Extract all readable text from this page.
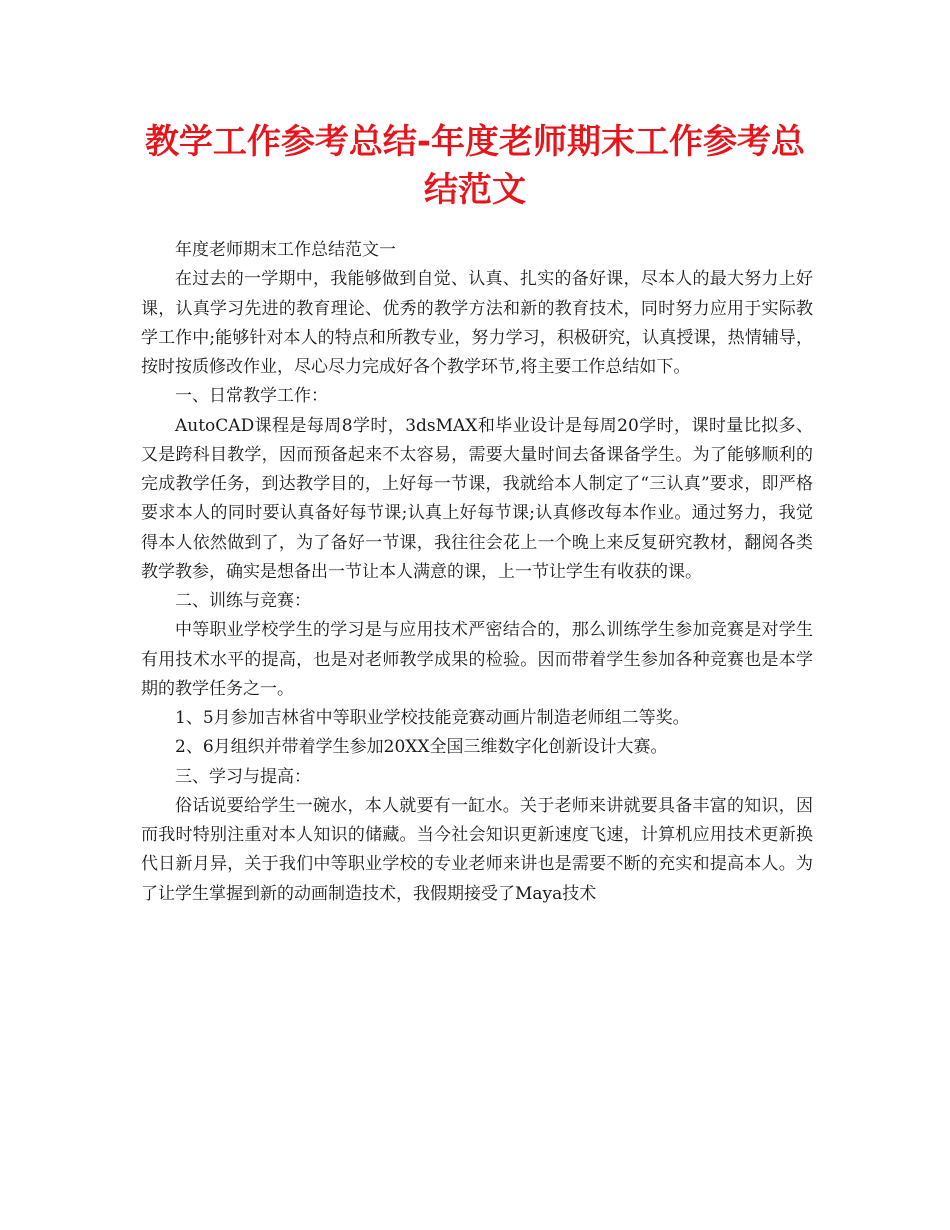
教学工作参考总结-年度老师期末工作参考总结范文

年度老师期末工作总结范文一

在过去的一学期中，我能够做到自觉、认真、扎实的备好课，尽本人的最大努力上好课，认真学习先进的教育理论、优秀的教学方法和新的教育技术，同时努力应用于实际教学工作中;能够针对本人的特点和所教专业，努力学习，积极研究，认真授课，热情辅导，按时按质修改作业，尽心尽力完成好各个教学环节,将主要工作总结如下。

一、日常教学工作：

AutoCAD课程是每周8学时，3dsMAX和毕业设计是每周20学时，课时量比拟多、又是跨科目教学，因而预备起来不太容易，需要大量时间去备课备学生。为了能够顺利的完成教学任务，到达教学目的，上好每一节课，我就给本人制定了“三认真”要求，即严格要求本人的同时要认真备好每节课;认真上好每节课;认真修改每本作业。通过努力，我觉得本人依然做到了，为了备好一节课，我往往会花上一个晚上来反复研究教材，翻阅各类教学教参，确实是想备出一节让本人满意的课，上一节让学生有收获的课。

二、训练与竞赛：

中等职业学校学生的学习是与应用技术严密结合的，那么训练学生参加竞赛是对学生有用技术水平的提高，也是对老师教学成果的检验。因而带着学生参加各种竞赛也是本学期的教学任务之一。

1、5月参加吉林省中等职业学校技能竞赛动画片制造老师组二等奖。

2、6月组织并带着学生参加20XX全国三维数字化创新设计大赛。

三、学习与提高：

俗话说要给学生一碗水，本人就要有一缸水。关于老师来讲就要具备丰富的知识，因而我时特别注重对本人知识的储藏。当今社会知识更新速度飞速，计算机应用技术更新换代日新月异，关于我们中等职业学校的专业老师来讲也是需要不断的充实和提高本人。为了让学生掌握到新的动画制造技术，我假期接受了Maya技术
